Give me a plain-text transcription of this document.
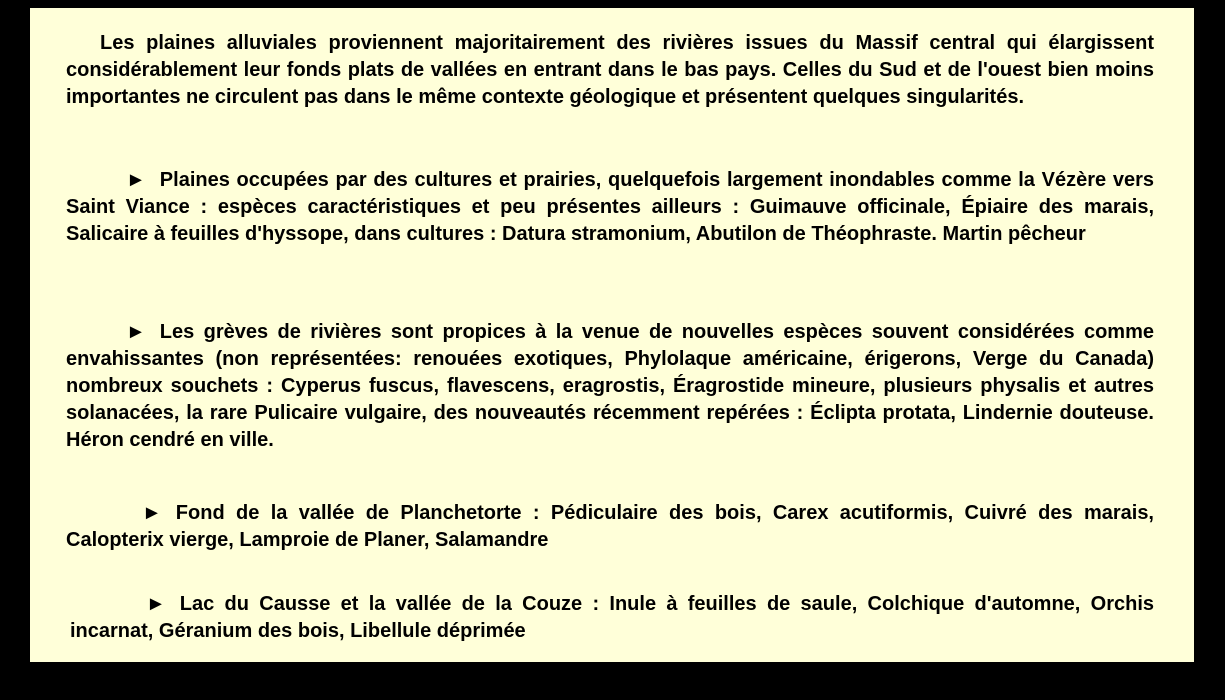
Les plaines alluviales proviennent majoritairement des rivières issues du Massif central qui élargissent considérablement leur fonds plats de vallées en entrant dans le bas pays. Celles du Sud et de l'ouest bien moins importantes ne circulent pas dans le même contexte géologique et présentent quelques singularités.

► Plaines occupées par des cultures et prairies, quelquefois largement inondables comme la Vézère vers Saint Viance : espèces caractéristiques et peu présentes ailleurs : Guimauve officinale, Épiaire des marais, Salicaire à feuilles d'hyssope, dans cultures : Datura stramonium, Abutilon de Théophraste. Martin pêcheur

► Les grèves de rivières sont propices à la venue de nouvelles espèces souvent considérées comme envahissantes (non représentées: renouées exotiques, Phylolaque américaine, érigerons, Verge du Canada) nombreux souchets : Cyperus fuscus, flavescens, eragrostis, Éragrostide mineure, plusieurs physalis et autres solanacées, la rare Pulicaire vulgaire, des nouveautés récemment repérées : Éclipta protata, Lindernie douteuse. Héron cendré en ville.

► Fond de la vallée de Planchetorte : Pédiculaire des bois, Carex acutiformis, Cuivré des marais, Calopterix vierge, Lamproie de Planer, Salamandre

► Lac du Causse et la vallée de la Couze : Inule à feuilles de saule, Colchique d'automne, Orchis incarnat, Géranium des bois, Libellule déprimée
